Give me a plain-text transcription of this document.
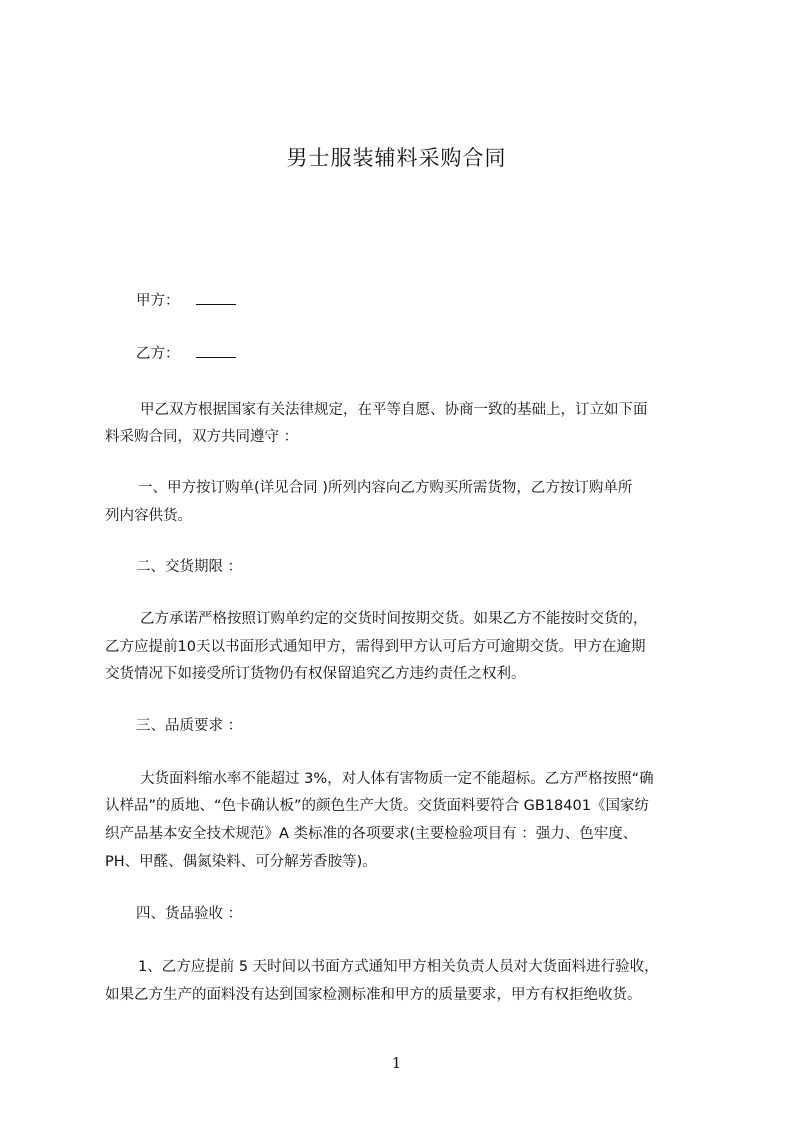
男士服装辅料采购合同
甲方：
乙方：
甲乙双方根据国家有关法律规定，在平等自愿、协商一致的基础上，订立如下面
料采购合同，双方共同遵守 ：
一、甲方按订购单(详见合同 )所列内容向乙方购买所需货物，乙方按订购单所
列内容供货。
二、交货期限 ：
乙方承诺严格按照订购单约定的交货时间按期交货。如果乙方不能按时交货的，
乙方应提前10天以书面形式通知甲方，需得到甲方认可后方可逾期交货。甲方在逾期
交货情况下如接受所订货物仍有权保留追究乙方违约责任之权利。
三、品质要求 ：
大货面料缩水率不能超过 3%，对人体有害物质一定不能超标。乙方严格按照“确
认样品”的质地、“色卡确认板”的颜色生产大货。交货面料要符合 GB18401《国家纺
织产品基本安全技术规范》A 类标准的各项要求(主要检验项目有 ：强力、色牢度、
PH、甲醛、偶氮染料、可分解芳香胺等)。
四、货品验收 ：
1、乙方应提前 5 天时间以书面方式通知甲方相关负责人员对大货面料进行验收，
如果乙方生产的面料没有达到国家检测标准和甲方的质量要求，甲方有权拒绝收货。
1
